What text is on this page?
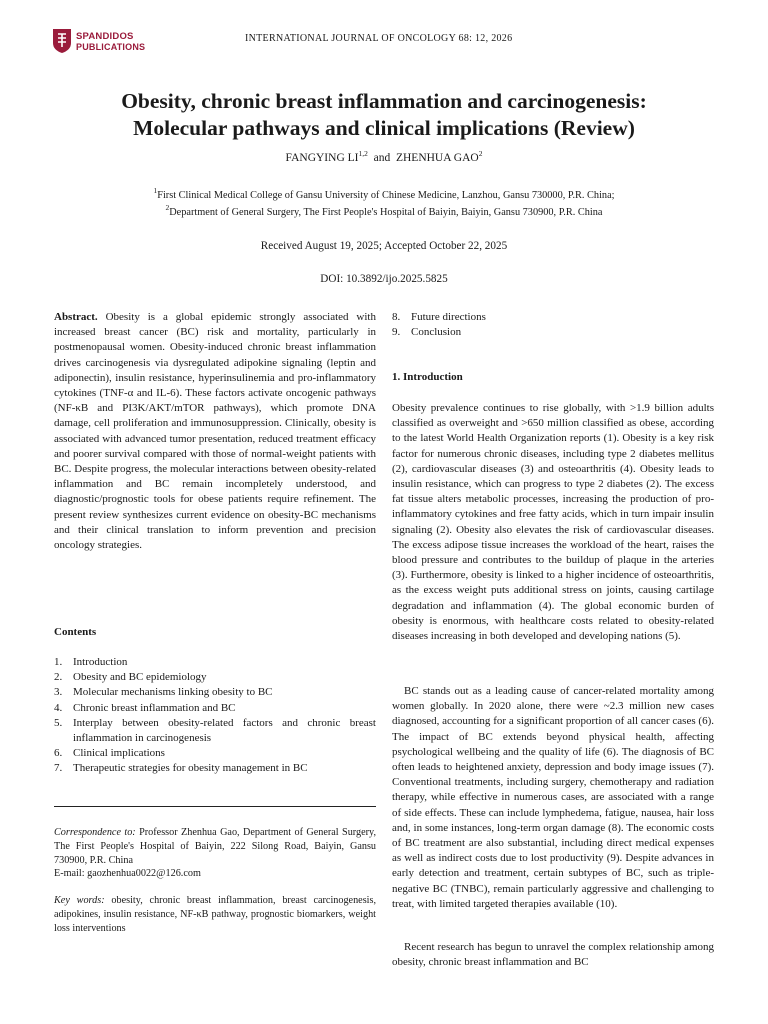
SPANDIDOS
PUBLICATIONS
INTERNATIONAL JOURNAL OF ONCOLOGY 68: 12, 2026
Obesity, chronic breast inflammation and carcinogenesis:
Molecular pathways and clinical implications (Review)
FANGYING LI$^{1,2}$ and ZHENHUA GAO$^2$
$^1$First Clinical Medical College of Gansu University of Chinese Medicine, Lanzhou, Gansu 730000, P.R. China;
$^2$Department of General Surgery, The First People's Hospital of Baiyin, Baiyin, Gansu 730900, P.R. China
Received August 19, 2025; Accepted October 22, 2025
DOI: 10.3892/ijo.2025.5825

Abstract. Obesity is a global epidemic strongly associated with increased breast cancer (BC) risk and mortality, particularly in postmenopausal women. Obesity-induced chronic breast inflammation drives carcinogenesis via dysregulated adipokine signaling (leptin and adiponectin), insulin resistance, hyperinsulinemia and pro-inflammatory cytokines (TNF-α and IL-6). These factors activate oncogenic pathways (NF-κB and PI3K/AKT/mTOR pathways), which promote DNA damage, cell proliferation and immunosuppression. Clinically, obesity is associated with advanced tumor presentation, reduced treatment efficacy and poorer survival compared with those of normal-weight patients with BC. Despite progress, the molecular interactions between obesity-related inflammation and BC remain incompletely understood, and diagnostic/prognostic tools for obese patients require refinement. The present review synthesizes current evidence on obesity-BC mechanisms and their clinical translation to inform prevention and precision oncology strategies.

Contents
1. Introduction
2. Obesity and BC epidemiology
3. Molecular mechanisms linking obesity to BC
4. Chronic breast inflammation and BC
5. Interplay between obesity-related factors and chronic breast inflammation in carcinogenesis
6. Clinical implications
7. Therapeutic strategies for obesity management in BC

Correspondence to: Professor Zhenhua Gao, Department of General Surgery, The First People's Hospital of Baiyin, 222 Silong Road, Baiyin, Gansu 730900, P.R. China
E-mail: gaozhenhua0022@126.com

Key words: obesity, chronic breast inflammation, breast carcinogenesis, adipokines, insulin resistance, NF-κB pathway, prognostic biomarkers, weight loss interventions

8. Future directions
9. Conclusion
1. Introduction

Obesity prevalence continues to rise globally, with >1.9 billion adults classified as overweight and >650 million classified as obese, according to the latest World Health Organization reports (1). Obesity is a key risk factor for numerous chronic diseases, including type 2 diabetes mellitus (2), cardiovascular diseases (3) and osteoarthritis (4). Obesity leads to insulin resistance, which can progress to type 2 diabetes (2). The excess fat tissue alters metabolic processes, increasing the production of pro-inflammatory cytokines and free fatty acids, which in turn impair insulin signaling (2). Obesity also elevates the risk of cardiovascular diseases. The excess adipose tissue increases the workload of the heart, raises the blood pressure and contributes to the buildup of plaque in the arteries (3). Furthermore, obesity is linked to a higher incidence of osteoarthritis, as the excess weight puts additional stress on joints, causing cartilage degradation and inflammation (4). The global economic burden of obesity is enormous, with healthcare costs related to obesity-related diseases increasing in both developed and developing nations (5).

BC stands out as a leading cause of cancer-related mortality among women globally. In 2020 alone, there were ~2.3 million new cases diagnosed, accounting for a significant proportion of all cancer cases (6). The impact of BC extends beyond physical health, affecting psychological wellbeing and the quality of life (6). The diagnosis of BC often leads to heightened anxiety, depression and body image issues (7). Conventional treatments, including surgery, chemotherapy and radiation therapy, while effective in numerous cases, are associated with a range of side effects. These can include lymphedema, fatigue, nausea, hair loss and, in some instances, long-term organ damage (8). The economic costs of BC treatment are also substantial, including direct medical expenses as well as indirect costs due to lost productivity (9). Despite advances in early detection and treatment, certain subtypes of BC, such as triple-negative BC (TNBC), remain particularly aggressive and challenging to treat, with limited targeted therapies available (10).

Recent research has begun to unravel the complex relationship among obesity, chronic breast inflammation and BC
